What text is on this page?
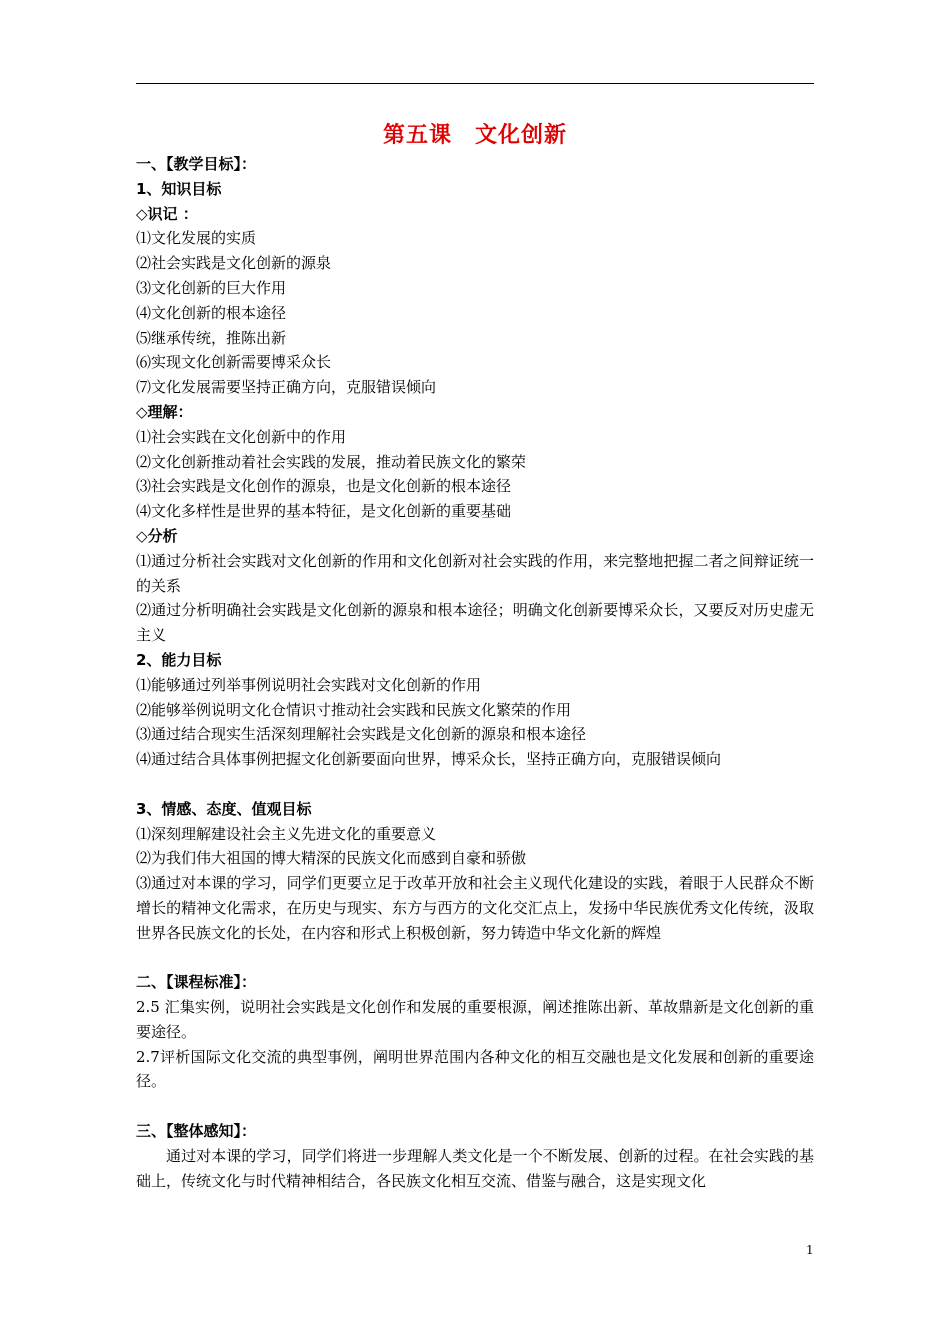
第五课　文化创新

一、【教学目标】：

1、知识目标

◇识记 ：

⑴文化发展的实质

⑵社会实践是文化创新的源泉

⑶文化创新的巨大作用

⑷文化创新的根本途径

⑸继承传统，推陈出新

⑹实现文化创新需要博采众长

⑺文化发展需要坚持正确方向，克服错误倾向

◇理解：

⑴社会实践在文化创新中的作用

⑵文化创新推动着社会实践的发展，推动着民族文化的繁荣

⑶社会实践是文化创作的源泉，也是文化创新的根本途径

⑷文化多样性是世界的基本特征，是文化创新的重要基础

◇分析

⑴通过分析社会实践对文化创新的作用和文化创新对社会实践的作用，来完整地把握二者之间辩证统一的关系

⑵通过分析明确社会实践是文化创新的源泉和根本途径；明确文化创新要博采众长，又要反对历史虚无主义

2、能力目标

⑴能够通过列举事例说明社会实践对文化创新的作用

⑵能够举例说明文化仓情识寸推动社会实践和民族文化繁荣的作用

⑶通过结合现实生活深刻理解社会实践是文化创新的源泉和根本途径

⑷通过结合具体事例把握文化创新要面向世界，博采众长，坚持正确方向，克服错误倾向

3、情感、态度、值观目标

⑴深刻理解建设社会主义先进文化的重要意义

⑵为我们伟大祖国的博大精深的民族文化而感到自豪和骄傲

⑶通过对本课的学习，同学们更要立足于改革开放和社会主义现代化建设的实践，着眼于人民群众不断增长的精神文化需求，在历史与现实、东方与西方的文化交汇点上，发扬中华民族优秀文化传统，汲取世界各民族文化的长处，在内容和形式上积极创新，努力铸造中华文化新的辉煌

二、【课程标准】：

2.5 汇集实例，说明社会实践是文化创作和发展的重要根源，阐述推陈出新、革故鼎新是文化创新的重要途径。

2.7评析国际文化交流的典型事例，阐明世界范围内各种文化的相互交融也是文化发展和创新的重要途径。

三、【整体感知】：

通过对本课的学习，同学们将进一步理解人类文化是一个不断发展、创新的过程。在社会实践的基础上，传统文化与时代精神相结合，各民族文化相互交流、借鉴与融合，这是实现文化

1
